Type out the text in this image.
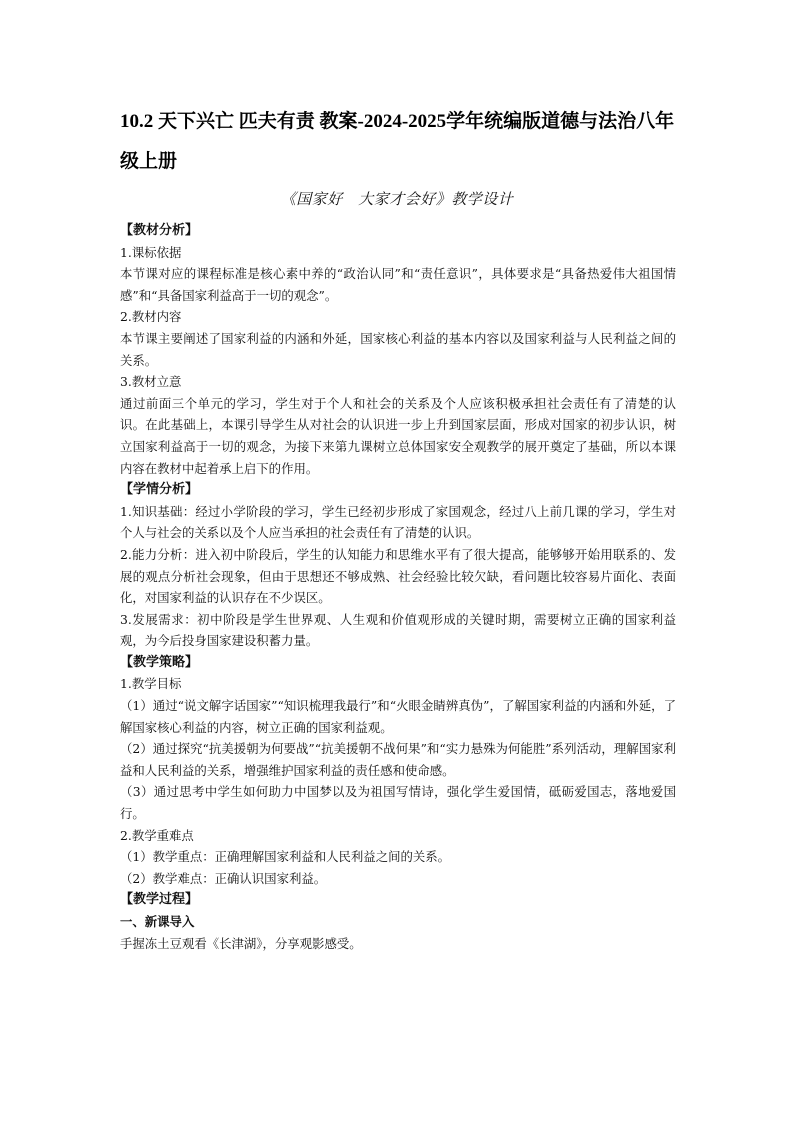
10.2 天下兴亡 匹夫有责 教案-2024-2025学年统编版道德与法治八年级上册
《国家好　大家才会好》教学设计

【教材分析】

1.课标依据

本节课对应的课程标准是核心素中养的“政治认同”和“责任意识”，具体要求是“具备热爱伟大祖国情感”和“具备国家利益高于一切的观念”。

2.教材内容

本节课主要阐述了国家利益的内涵和外延，国家核心利益的基本内容以及国家利益与人民利益之间的关系。

3.教材立意

通过前面三个单元的学习，学生对于个人和社会的关系及个人应该积极承担社会责任有了清楚的认识。在此基础上，本课引导学生从对社会的认识进一步上升到国家层面，形成对国家的初步认识，树立国家利益高于一切的观念，为接下来第九课树立总体国家安全观教学的展开奠定了基础，所以本课内容在教材中起着承上启下的作用。

【学情分析】

1.知识基础：经过小学阶段的学习，学生已经初步形成了家国观念，经过八上前几课的学习，学生对个人与社会的关系以及个人应当承担的社会责任有了清楚的认识。

2.能力分析：进入初中阶段后，学生的认知能力和思维水平有了很大提高，能够够开始用联系的、发展的观点分析社会现象，但由于思想还不够成熟、社会经验比较欠缺，看问题比较容易片面化、表面化，对国家利益的认识存在不少误区。

3.发展需求：初中阶段是学生世界观、人生观和价值观形成的关键时期，需要树立正确的国家利益观，为今后投身国家建设积蓄力量。

【教学策略】

1.教学目标

（1）通过“说文解字话国家”“知识梳理我最行”和“火眼金睛辨真伪”，了解国家利益的内涵和外延，了解国家核心利益的内容，树立正确的国家利益观。

（2）通过探究“抗美援朝为何要战”“抗美援朝不战何果”和“实力悬殊为何能胜”系列活动，理解国家利益和人民利益的关系，增强维护国家利益的责任感和使命感。

（3）通过思考中学生如何助力中国梦以及为祖国写情诗，强化学生爱国情，砥砺爱国志，落地爱国行。

2.教学重难点

（1）教学重点：正确理解国家利益和人民利益之间的关系。

（2）教学难点：正确认识国家利益。

【教学过程】

一、新课导入

手握冻土豆观看《长津湖》，分享观影感受。
